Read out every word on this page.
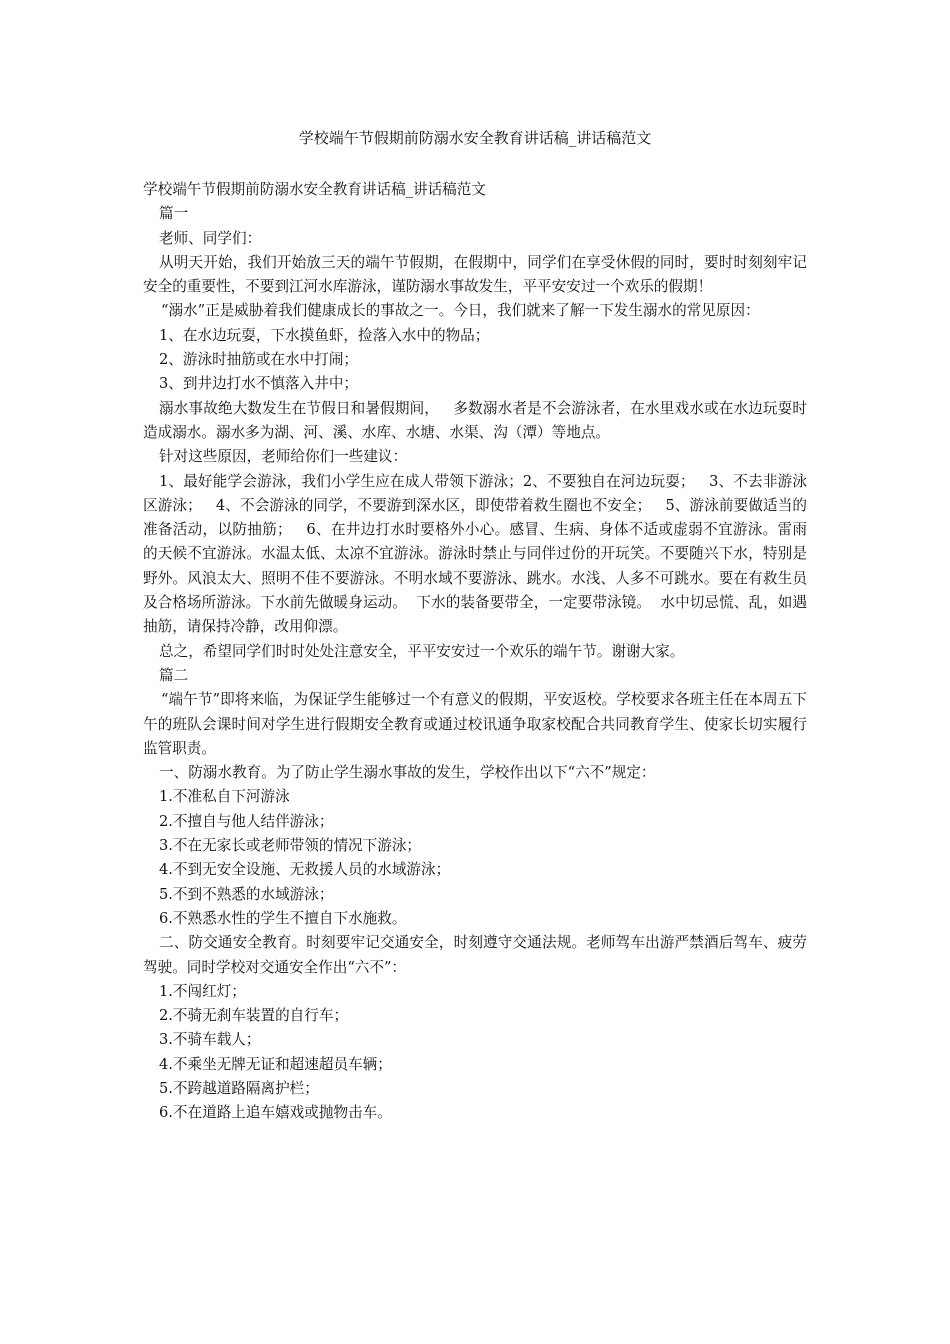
学校端午节假期前防溺水安全教育讲话稿_讲话稿范文

学校端午节假期前防溺水安全教育讲话稿_讲话稿范文

篇一

老师、同学们：

从明天开始，我们开始放三天的端午节假期，在假期中，同学们在享受休假的同时，要时时刻刻牢记安全的重要性，不要到江河水库游泳，谨防溺水事故发生，平平安安过一个欢乐的假期！

“溺水”正是威胁着我们健康成长的事故之一。今日，我们就来了解一下发生溺水的常见原因：

1、在水边玩耍，下水摸鱼虾，捡落入水中的物品；

2、游泳时抽筋或在水中打闹；

3、到井边打水不慎落入井中；

溺水事故绝大数发生在节假日和暑假期间，   多数溺水者是不会游泳者，在水里戏水或在水边玩耍时造成溺水。溺水多为湖、河、溪、水库、水塘、水渠、沟（潭）等地点。

针对这些原因，老师给你们一些建议：

1、最好能学会游泳，我们小学生应在成人带领下游泳；2、不要独自在河边玩耍；   3、不去非游泳区游泳；   4、不会游泳的同学，不要游到深水区，即使带着救生圈也不安全；   5、游泳前要做适当的准备活动，以防抽筋；   6、在井边打水时要格外小心。感冒、生病、身体不适或虚弱不宜游泳。雷雨的天候不宜游泳。水温太低、太凉不宜游泳。游泳时禁止与同伴过份的开玩笑。不要随兴下水，特别是野外。风浪太大、照明不佳不要游泳。不明水域不要游泳、跳水。水浅、人多不可跳水。要在有救生员及合格场所游泳。下水前先做暖身运动。  下水的装备要带全，一定要带泳镜。  水中切忌慌、乱，如遇抽筋，请保持冷静，改用仰漂。

总之，希望同学们时时处处注意安全，平平安安过一个欢乐的端午节。谢谢大家。

篇二

“端午节”即将来临，为保证学生能够过一个有意义的假期，平安返校。学校要求各班主任在本周五下午的班队会课时间对学生进行假期安全教育或通过校讯通争取家校配合共同教育学生、使家长切实履行监管职责。

一、防溺水教育。为了防止学生溺水事故的发生，学校作出以下“六不”规定：

1.不准私自下河游泳

2.不擅自与他人结伴游泳；

3.不在无家长或老师带领的情况下游泳；

4.不到无安全设施、无救援人员的水域游泳；

5.不到不熟悉的水域游泳；

6.不熟悉水性的学生不擅自下水施救。

二、防交通安全教育。时刻要牢记交通安全，时刻遵守交通法规。老师驾车出游严禁酒后驾车、疲劳驾驶。同时学校对交通安全作出“六不”：

1.不闯红灯；

2.不骑无刹车装置的自行车；

3.不骑车载人；

4.不乘坐无牌无证和超速超员车辆；

5.不跨越道路隔离护栏；

6.不在道路上追车嬉戏或抛物击车。
